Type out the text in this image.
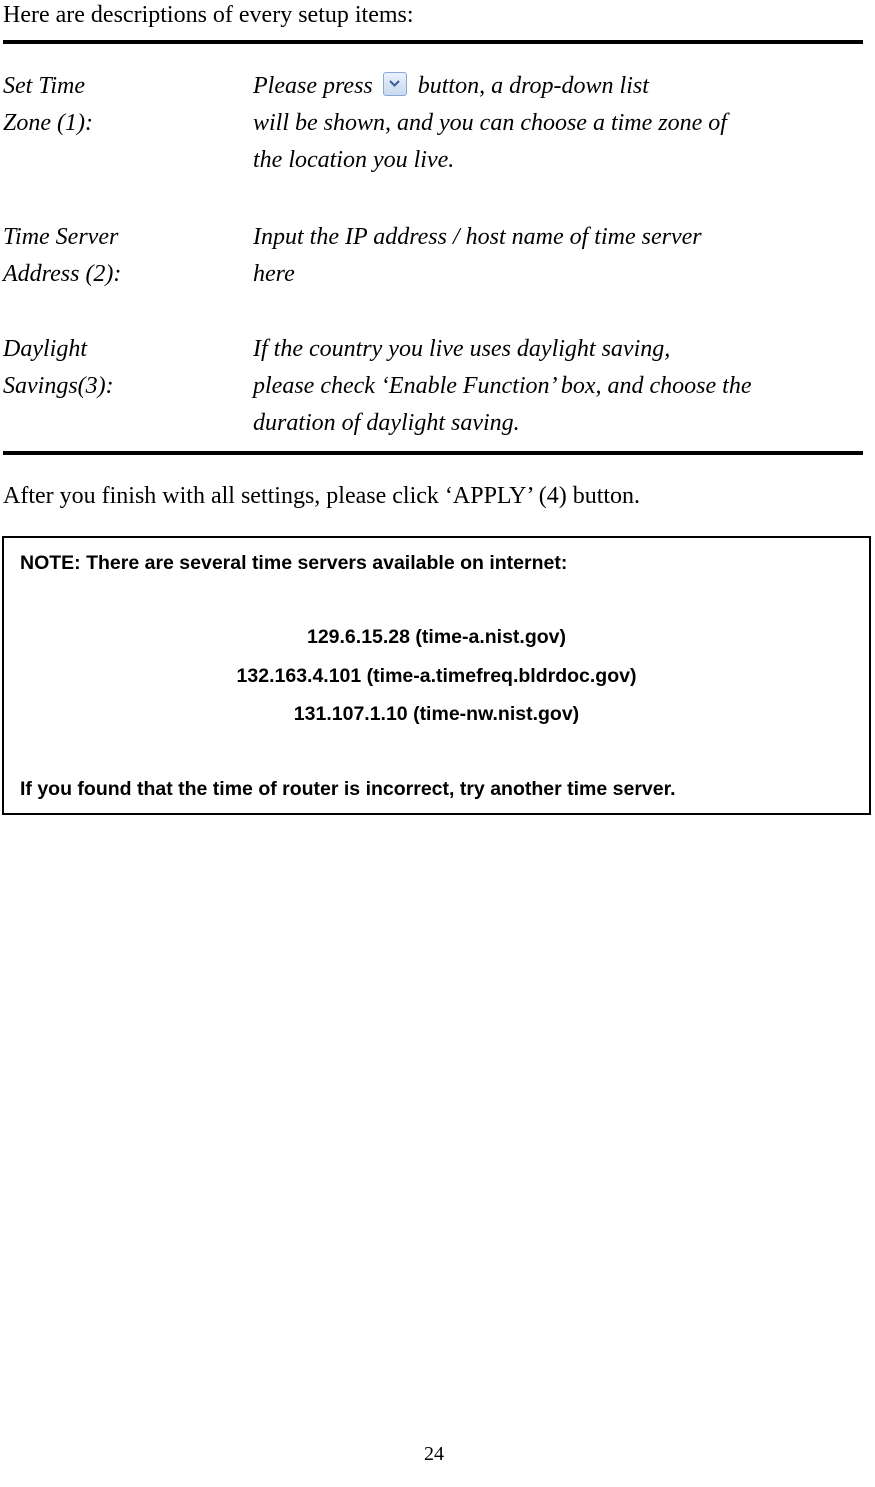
Here are descriptions of every setup items:
Set Time
Zone (1):
Please press button, a drop-down list
will be shown, and you can choose a time zone of
the location you live.
Time Server
Address (2):
Input the IP address / host name of time server
here
Daylight
Savings(3):
If the country you live uses daylight saving,
please check ‘Enable Function’ box, and choose the
duration of daylight saving.
After you finish with all settings, please click ‘APPLY’ (4) button.
NOTE: There are several time servers available on internet:
129.6.15.28 (time-a.nist.gov)
132.163.4.101 (time-a.timefreq.bldrdoc.gov)
131.107.1.10 (time-nw.nist.gov)
If you found that the time of router is incorrect, try another time server.
24
